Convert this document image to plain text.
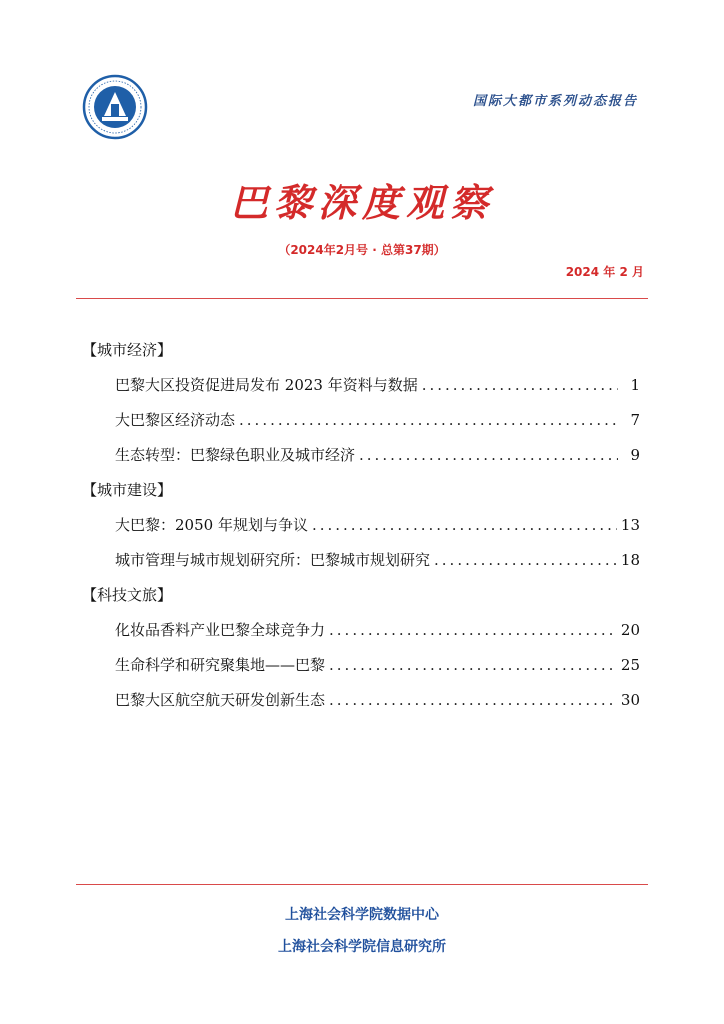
国际大都市系列动态报告
巴黎深度观察
（2024年2月号 · 总第37期）
2024 年 2 月
【城市经济】
巴黎大区投资促进局发布 2023 年资料与数据 .....	1
大巴黎区经济动态 .....	7
生态转型：巴黎绿色职业及城市经济 .....	9
【城市建设】
大巴黎：2050 年规划与争议 .....	13
城市管理与城市规划研究所：巴黎城市规划研究 .....	18
【科技文旅】
化妆品香料产业巴黎全球竞争力 .....	20
生命科学和研究聚集地——巴黎 .....	25
巴黎大区航空航天研发创新生态 .....	30
上海社会科学院数据中心
上海社会科学院信息研究所
